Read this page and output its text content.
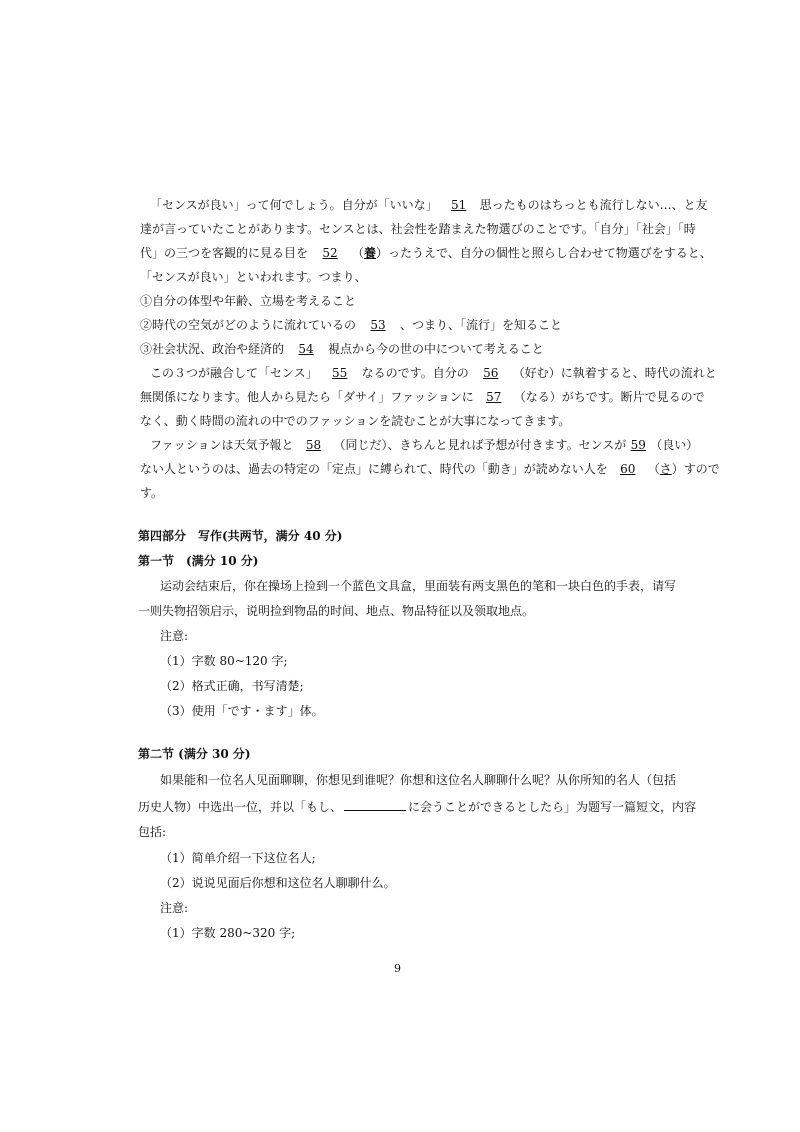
「センスが良い」って何でしょう。自分が「いいな」 51 思ったものはちっとも流行しない…、と友
達が言っていたことがあります。センスとは、社会性を踏まえた物選びのことです。「自分」「社会」「時
代」の三つを客観的に見る目を 52 （養）ったうえで、自分の個性と照らし合わせて物選びをすると、
「センスが良い」といわれます。つまり、
①自分の体型や年齢、立場を考えること
②時代の空気がどのように流れているの 53 、つまり、「流行」を知ること
③社会状況、政治や経済的 54 視点から今の世の中について考えること
この３つが融合して「センス」 55 なるのです。自分の 56 （好む）に執着すると、時代の流れと
無関係になります。他人から見たら「ダサイ」ファッションに 57 （なる）がちです。断片で見るので
なく、動く時間の流れの中でのファッションを読むことが大事になってきます。
ファッションは天気予報と 58 （同じだ）、きちんと見れば予想が付きます。センスが 59 （良い）
ない人というのは、過去の特定の「定点」に縛られて、時代の「動き」が読めない人を 60 （さ）すので
す。
第四部分　写作(共两节，满分 40 分)
第一节　(满分 10 分)
运动会结束后，你在操场上捡到一个蓝色文具盒，里面装有两支黑色的笔和一块白色的手表，请写
一则失物招领启示，说明捡到物品的时间、地点、物品特征以及领取地点。
注意:
（1）字数 80~120 字;
（2）格式正确，书写清楚;
（3）使用「です・ます」体。
第二节 (满分 30 分)
如果能和一位名人见面聊聊，你想见到谁呢？你想和这位名人聊聊什么呢？从你所知的名人（包括
历史人物）中选出一位，并以「もし、	に会うことができるとしたら」为题写一篇短文，内容
包括:
（1）简单介绍一下这位名人;
（2）说说见面后你想和这位名人聊聊什么。
注意:
（1）字数 280~320 字;
9
